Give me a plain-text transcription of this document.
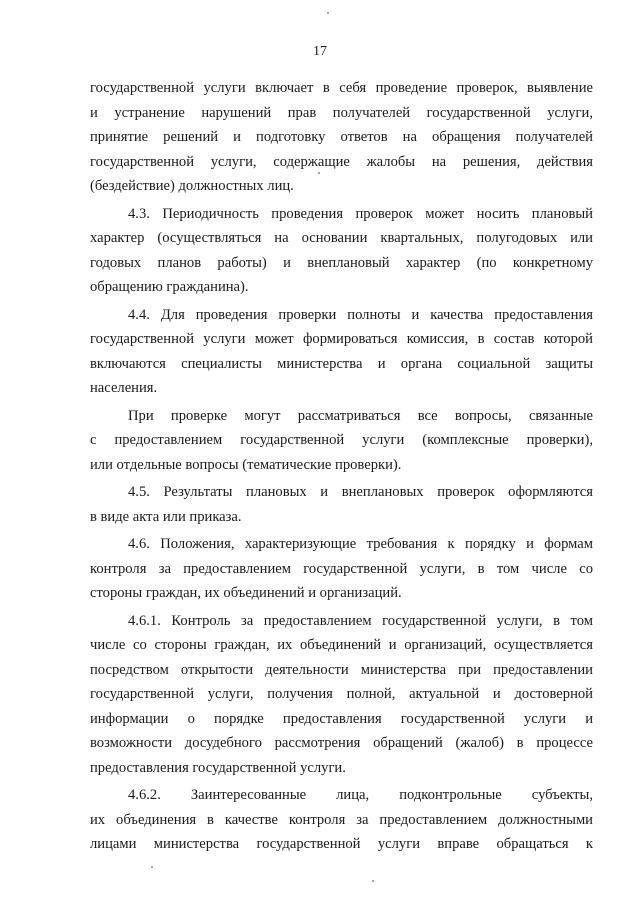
17
государственной услуги включает в себя проведение проверок, выявление
и устранение нарушений прав получателей государственной услуги,
принятие решений и подготовку ответов на обращения получателей
государственной услуги, содержащие жалобы на решения, действия
(бездействие) должностных лиц.
4.3. Периодичность проведения проверок может носить плановый
характер (осуществляться на основании квартальных, полугодовых или
годовых планов работы) и внеплановый характер (по конкретному
обращению гражданина).
4.4. Для проведения проверки полноты и качества предоставления
государственной услуги может формироваться комиссия, в состав которой
включаются специалисты министерства и органа социальной защиты
населения.
При проверке могут рассматриваться все вопросы, связанные
с предоставлением государственной услуги (комплексные проверки),
или отдельные вопросы (тематические проверки).
4.5. Результаты плановых и внеплановых проверок оформляются
в виде акта или приказа.
4.6. Положения, характеризующие требования к порядку и формам
контроля за предоставлением государственной услуги, в том числе со
стороны граждан, их объединений и организаций.
4.6.1. Контроль за предоставлением государственной услуги, в том
числе со стороны граждан, их объединений и организаций, осуществляется
посредством открытости деятельности министерства при предоставлении
государственной услуги, получения полной, актуальной и достоверной
информации о порядке предоставления государственной услуги и
возможности досудебного рассмотрения обращений (жалоб) в процессе
предоставления государственной услуги.
4.6.2. Заинтересованные лица, подконтрольные субъекты,
их объединения в качестве контроля за предоставлением должностными
лицами министерства государственной услуги вправе обращаться к
